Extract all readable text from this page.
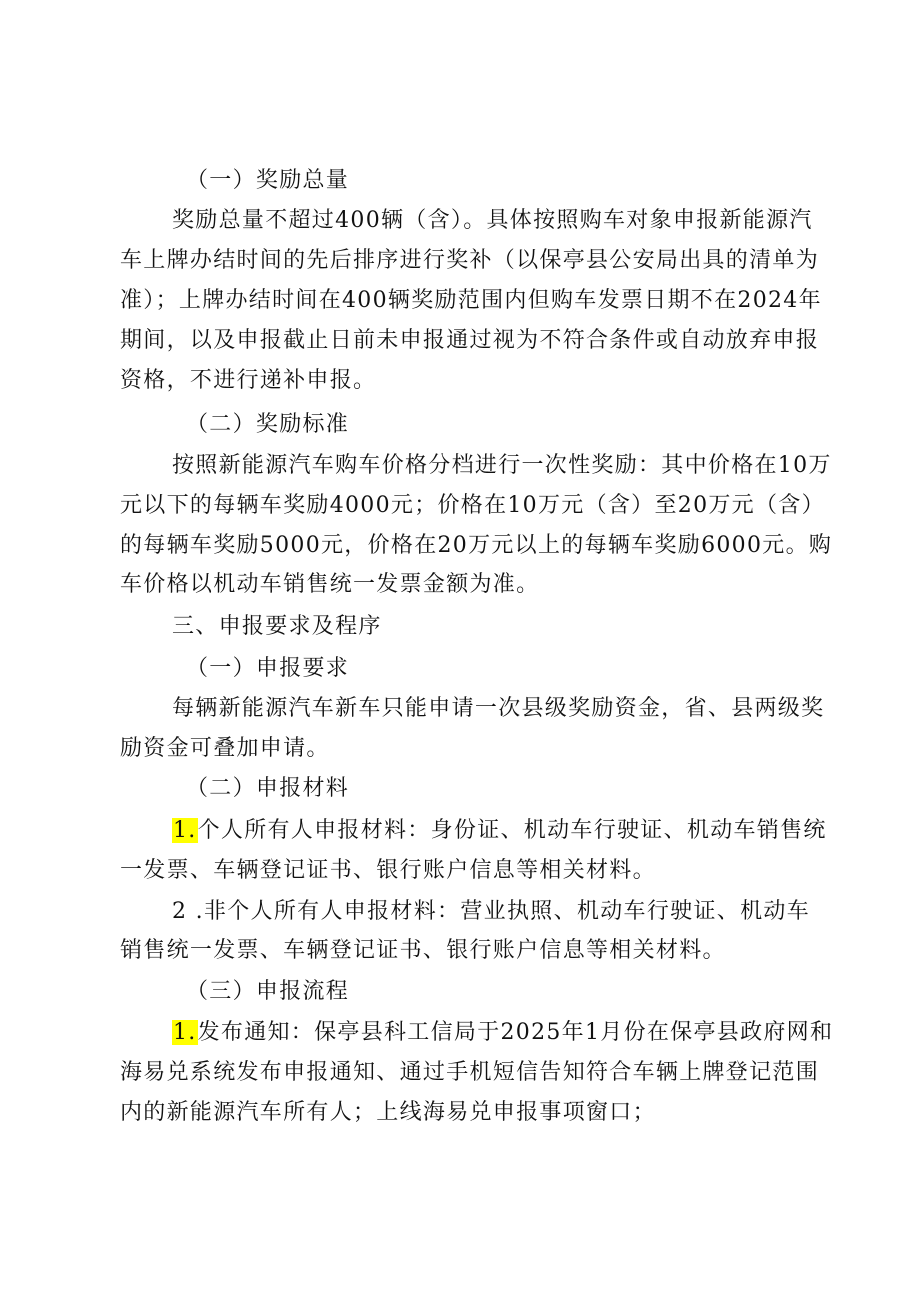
（一）奖励总量
奖励总量不超过400辆（含）。具体按照购车对象申报新能源汽
车上牌办结时间的先后排序进行奖补（以保亭县公安局出具的清单为
准）；上牌办结时间在400辆奖励范围内但购车发票日期不在2024年
期间，以及申报截止日前未申报通过视为不符合条件或自动放弃申报
资格，不进行递补申报。
（二）奖励标准
按照新能源汽车购车价格分档进行一次性奖励：其中价格在10万
元以下的每辆车奖励4000元；价格在10万元（含）至20万元（含）
的每辆车奖励5000元，价格在20万元以上的每辆车奖励6000元。购
车价格以机动车销售统一发票金额为准。
三、申报要求及程序
（一）申报要求
每辆新能源汽车新车只能申请一次县级奖励资金，省、县两级奖
励资金可叠加申请。
（二）申报材料
1.个人所有人申报材料：身份证、机动车行驶证、机动车销售统
一发票、车辆登记证书、银行账户信息等相关材料。
2 .非个人所有人申报材料：营业执照、机动车行驶证、机动车
销售统一发票、车辆登记证书、银行账户信息等相关材料。
（三）申报流程
1.发布通知：保亭县科工信局于2025年1月份在保亭县政府网和
海易兑系统发布申报通知、通过手机短信告知符合车辆上牌登记范围
内的新能源汽车所有人；上线海易兑申报事项窗口；
